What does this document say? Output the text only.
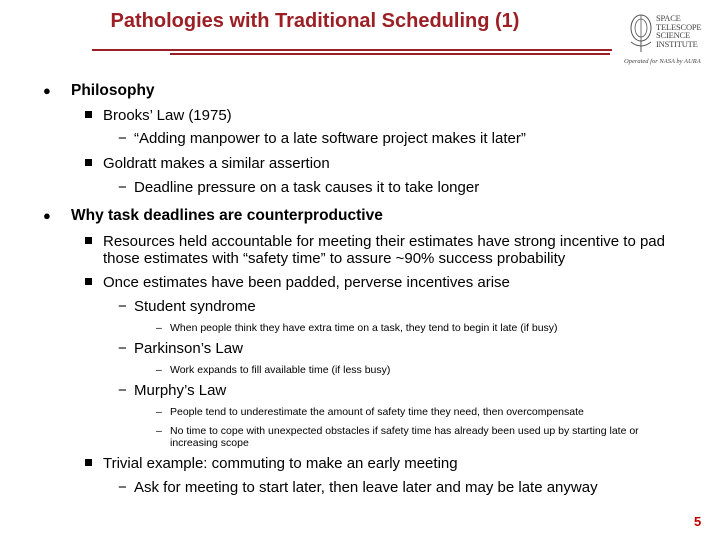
Pathologies with Traditional Scheduling (1)	SPACE
TELESCOPE
SCIENCE
INSTITUTE
Operated for NASA by AURA
● Philosophy
Brooks’ Law (1975)
− “Adding manpower to a late software project makes it later”
Goldratt makes a similar assertion
− Deadline pressure on a task causes it to take longer
● Why task deadlines are counterproductive
Resources held accountable for meeting their estimates have strong incentive to pad those estimates with “safety time” to assure ~90% success probability
Once estimates have been padded, perverse incentives arise
− Student syndrome
– When people think they have extra time on a task, they tend to begin it late (if busy)
− Parkinson’s Law
– Work expands to fill available time (if less busy)
− Murphy’s Law
– People tend to underestimate the amount of safety time they need, then overcompensate
– No time to cope with unexpected obstacles if safety time has already been used up by starting late or increasing scope
Trivial example: commuting to make an early meeting
− Ask for meeting to start later, then leave later and may be late anyway
5
